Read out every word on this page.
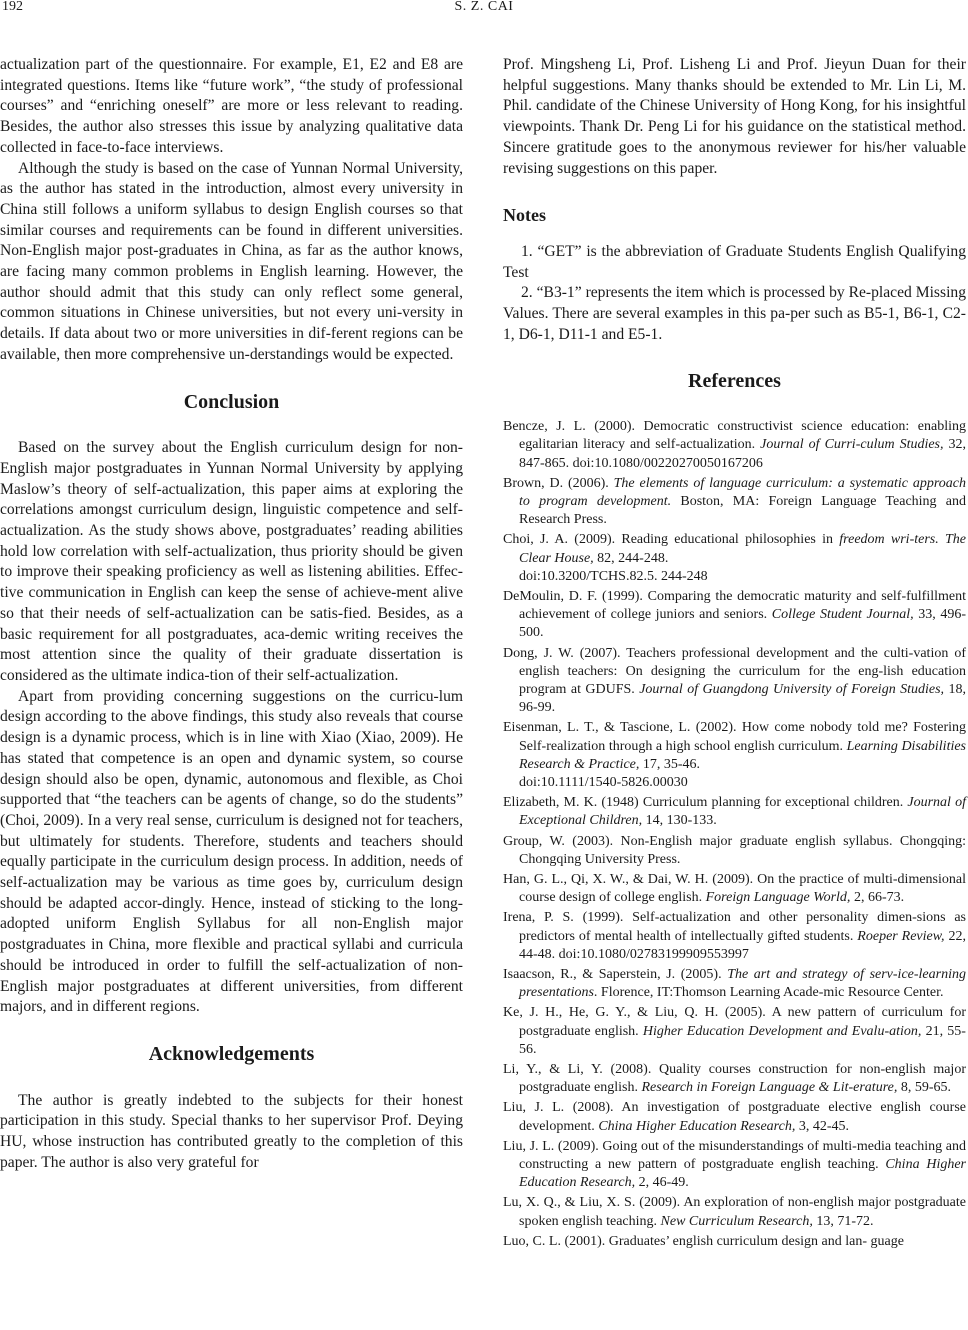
192	S. Z. CAI

actualization part of the questionnaire. For example, E1, E2 and E8 are integrated questions. Items like “future work”, “the study of professional courses” and “enriching oneself” are more or less relevant to reading. Besides, the author also stresses this issue by analyzing qualitative data collected in face-to-face interviews.

Although the study is based on the case of Yunnan Normal University, as the author has stated in the introduction, almost every university in China still follows a uniform syllabus to design English courses so that similar courses and requirements can be found in different universities. Non-English major post-graduates in China, as far as the author knows, are facing many common problems in English learning. However, the author should admit that this study can only reflect some general, common situations in Chinese universities, but not every uni-versity in details. If data about two or more universities in dif-ferent regions can be available, then more comprehensive un-derstandings would be expected.

Conclusion

Based on the survey about the English curriculum design for non-English major postgraduates in Yunnan Normal University by applying Maslow’s theory of self-actualization, this paper aims at exploring the correlations amongst curriculum design, linguistic competence and self-actualization. As the study shows above, postgraduates’ reading abilities hold low correlation with self-actualization, thus priority should be given to improve their speaking proficiency as well as listening abilities. Effec-tive communication in English can keep the sense of achieve-ment alive so that their needs of self-actualization can be satis-fied. Besides, as a basic requirement for all postgraduates, aca-demic writing receives the most attention since the quality of their graduate dissertation is considered as the ultimate indica-tion of their self-actualization.

Apart from providing concerning suggestions on the curricu-lum design according to the above findings, this study also reveals that course design is a dynamic process, which is in line with Xiao (Xiao, 2009). He has stated that competence is an open and dynamic system, so course design should also be open, dynamic, autonomous and flexible, as Choi supported that “the teachers can be agents of change, so do the students” (Choi, 2009). In a very real sense, curriculum is designed not for teachers, but ultimately for students. Therefore, students and teachers should equally participate in the curriculum design process. In addition, needs of self-actualization may be various as time goes by, curriculum design should be adapted accor-dingly. Hence, instead of sticking to the long-adopted uniform English Syllabus for all non-English major postgraduates in China, more flexible and practical syllabi and curricula should be introduced in order to fulfill the self-actualization of non-English major postgraduates at different universities, from different majors, and in different regions.

Acknowledgements

The author is greatly indebted to the subjects for their honest participation in this study. Special thanks to her supervisor Prof. Deying HU, whose instruction has contributed greatly to the completion of this paper. The author is also very grateful for

Prof. Mingsheng Li, Prof. Lisheng Li and Prof. Jieyun Duan for their helpful suggestions. Many thanks should be extended to Mr. Lin Li, M. Phil. candidate of the Chinese University of Hong Kong, for his insightful viewpoints. Thank Dr. Peng Li for his guidance on the statistical method. Sincere gratitude goes to the anonymous reviewer for his/her valuable revising suggestions on this paper.

Notes

1. “GET” is the abbreviation of Graduate Students English Qualifying Test

2. “B3-1” represents the item which is processed by Re-placed Missing Values. There are several examples in this pa-per such as B5-1, B6-1, C2-1, D6-1, D11-1 and E5-1.

References

Bencze, J. L. (2000). Democratic constructivist science education: enabling egalitarian literacy and self-actualization. Journal of Curri-culum Studies, 32, 847-865. doi:10.1080/00220270050167206

Brown, D. (2006). The elements of language curriculum: a systematic approach to program development. Boston, MA: Foreign Language Teaching and Research Press.

Choi, J. A. (2009). Reading educational philosophies in freedom wri-ters. The Clear House, 82, 244-248.
doi:10.3200/TCHS.82.5. 244-248

DeMoulin, D. F. (1999). Comparing the democratic maturity and self-fulfillment achievement of college juniors and seniors. College Student Journal, 33, 496-500.

Dong, J. W. (2007). Teachers professional development and the culti-vation of english teachers: On designing the curriculum for the eng-lish education program at GDUFS. Journal of Guangdong University of Foreign Studies, 18, 96-99.

Eisenman, L. T., & Tascione, L. (2002). How come nobody told me? Fostering Self-realization through a high school english curriculum. Learning Disabilities Research & Practice, 17, 35-46.
doi:10.1111/1540-5826.00030

Elizabeth, M. K. (1948) Curriculum planning for exceptional children. Journal of Exceptional Children, 14, 130-133.

Group, W. (2003). Non-English major graduate english syllabus. Chongqing: Chongqing University Press.

Han, G. L., Qi, X. W., & Dai, W. H. (2009). On the practice of multi-dimensional course design of college english. Foreign Language World, 2, 66-73.

Irena, P. S. (1999). Self-actualization and other personality dimen-sions as predictors of mental health of intellectually gifted students. Roeper Review, 22, 44-48. doi:10.1080/02783199909553997

Isaacson, R., & Saperstein, J. (2005). The art and strategy of serv-ice-learning presentations. Florence, IT:Thomson Learning Acade-mic Resource Center.

Ke, J. H., He, G. Y., & Liu, Q. H. (2005). A new pattern of curriculum for postgraduate english. Higher Education Development and Evalu-ation, 21, 55-56.

Li, Y., & Li, Y. (2008). Quality courses construction for non-english major postgraduate english. Research in Foreign Language & Lit-erature, 8, 59-65.

Liu, J. L. (2008). An investigation of postgraduate elective english course development. China Higher Education Research, 3, 42-45.

Liu, J. L. (2009). Going out of the misunderstandings of multi-media teaching and constructing a new pattern of postgraduate english teaching. China Higher Education Research, 2, 46-49.

Lu, X. Q., & Liu, X. S. (2009). An exploration of non-english major postgraduate spoken english teaching. New Curriculum Research, 13, 71-72.

Luo, C. L. (2001). Graduates’ english curriculum design and lan- guage
